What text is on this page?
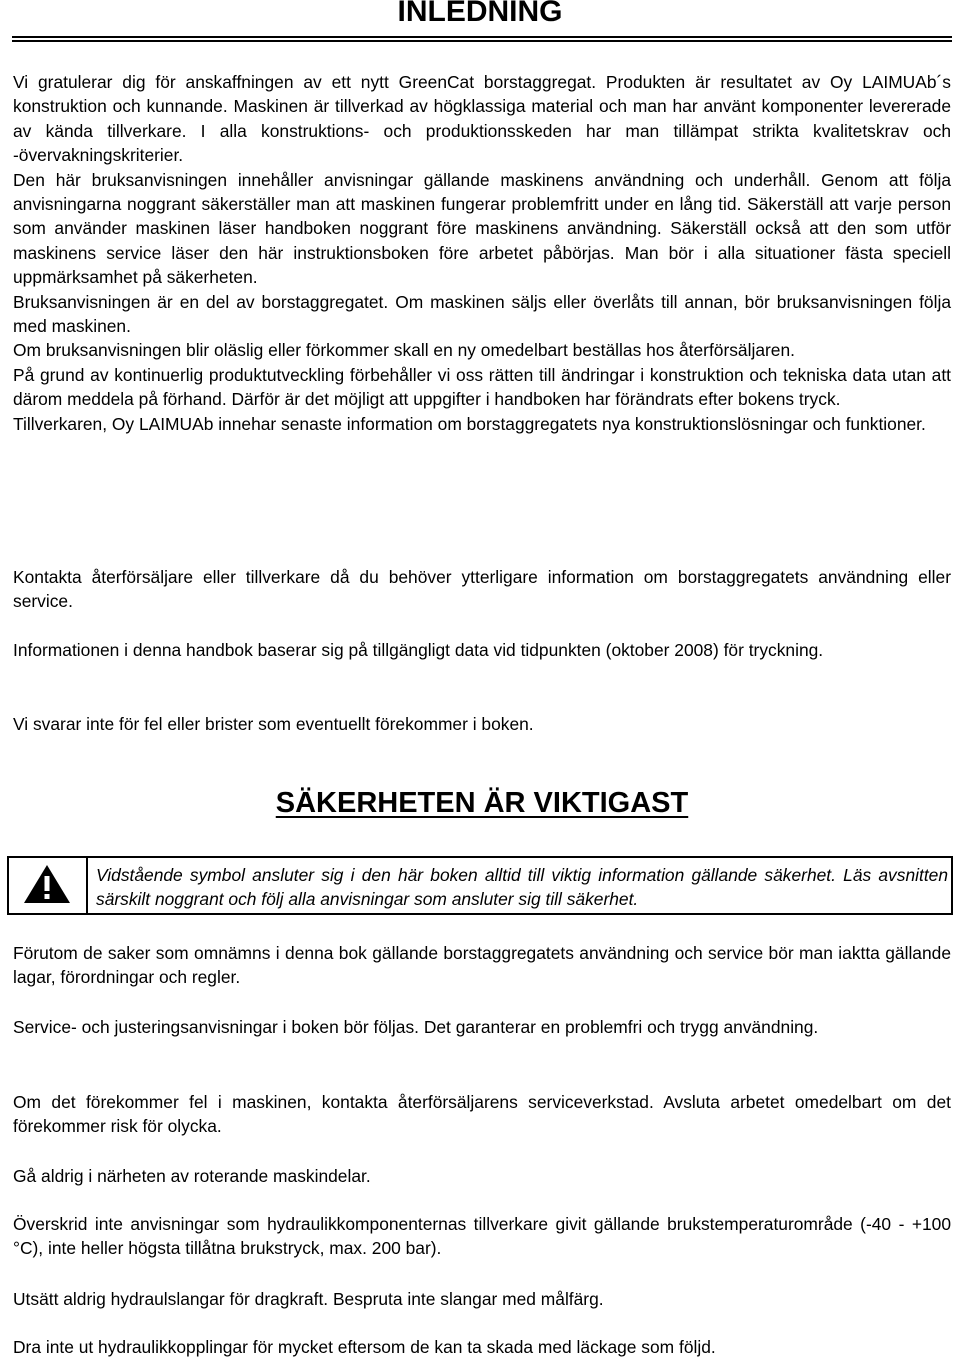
INLEDNING

Vi gratulerar dig för anskaffningen av ett nytt GreenCat borstaggregat. Produkten är resultatet av Oy LAIMUAb´s konstruktion och kunnande. Maskinen är tillverkad av högklassiga material och man har använt komponenter levererade av kända tillverkare. I alla konstruktions- och produktionsskeden har man tillämpat strikta kvalitetskrav och -övervakningskriterier.

Den här bruksanvisningen innehåller anvisningar gällande maskinens användning och underhåll. Genom att följa anvisningarna noggrant säkerställer man att maskinen fungerar problemfritt under en lång tid. Säkerställ att varje person som använder maskinen läser handboken noggrant före maskinens användning. Säkerställ också att den som utför maskinens service läser den här instruktionsboken före arbetet påbörjas. Man bör i alla situationer fästa speciell uppmärksamhet på säkerheten.

Bruksanvisningen är en del av borstaggregatet. Om maskinen säljs eller överlåts till annan, bör bruksanvisningen följa med maskinen.

Om bruksanvisningen blir oläslig eller förkommer skall en ny omedelbart beställas hos återförsäljaren.

På grund av kontinuerlig produktutveckling förbehåller vi oss rätten till ändringar i konstruktion och tekniska data utan att därom meddela på förhand. Därför är det möjligt att uppgifter i handboken har förändrats efter bokens tryck.

Tillverkaren, Oy LAIMUAb innehar senaste information om borstaggregatets nya konstruktionslösningar och funktioner.

Kontakta återförsäljare eller tillverkare då du behöver ytterligare information om borstaggregatets användning eller service.
Informationen i denna handbok baserar sig på tillgängligt data vid tidpunkten (oktober 2008) för tryckning.
Vi svarar inte för fel eller brister som eventuellt förekommer i boken.
SÄKERHETEN ÄR VIKTIGAST
Vidstående symbol ansluter sig i den här boken alltid till viktig information gällande säkerhet. Läs avsnitten särskilt noggrant och följ alla anvisningar som ansluter sig till säkerhet.
Förutom de saker som omnämns i denna bok gällande borstaggregatets användning och service bör man iaktta gällande lagar, förordningar och regler.
Service- och justeringsanvisningar i boken bör följas. Det garanterar en problemfri och trygg användning.
Om det förekommer fel i maskinen, kontakta återförsäljarens serviceverkstad. Avsluta arbetet omedelbart om det förekommer risk för olycka.
Gå aldrig i närheten av roterande maskindelar.
Överskrid inte anvisningar som hydraulikkomponenternas tillverkare givit gällande brukstemperaturområde (-40 - +100 °C), inte heller högsta tillåtna brukstryck, max. 200 bar).
Utsätt aldrig hydraulslangar för dragkraft. Bespruta inte slangar med målfärg.
Dra inte ut hydraulikkopplingar för mycket eftersom de kan ta skada med läckage som följd.
